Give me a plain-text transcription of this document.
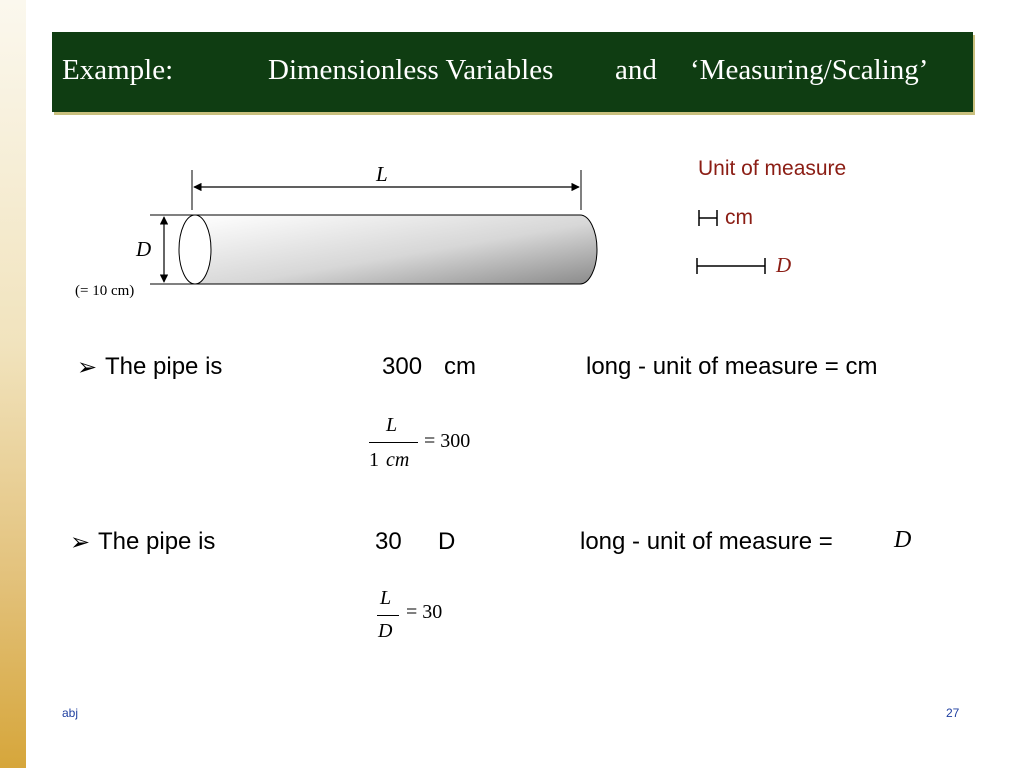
Example:	Dimensionless Variables and ‘Measuring/Scaling’
L
D
(= 10 cm)
Unit of measure
cm
D
➢ The pipe is	300 cm	long - unit of measure = cm
L
1 cm
= 300
➢ The pipe is	30 D	long - unit of measure =	D
L
D
= 30
abj	27
